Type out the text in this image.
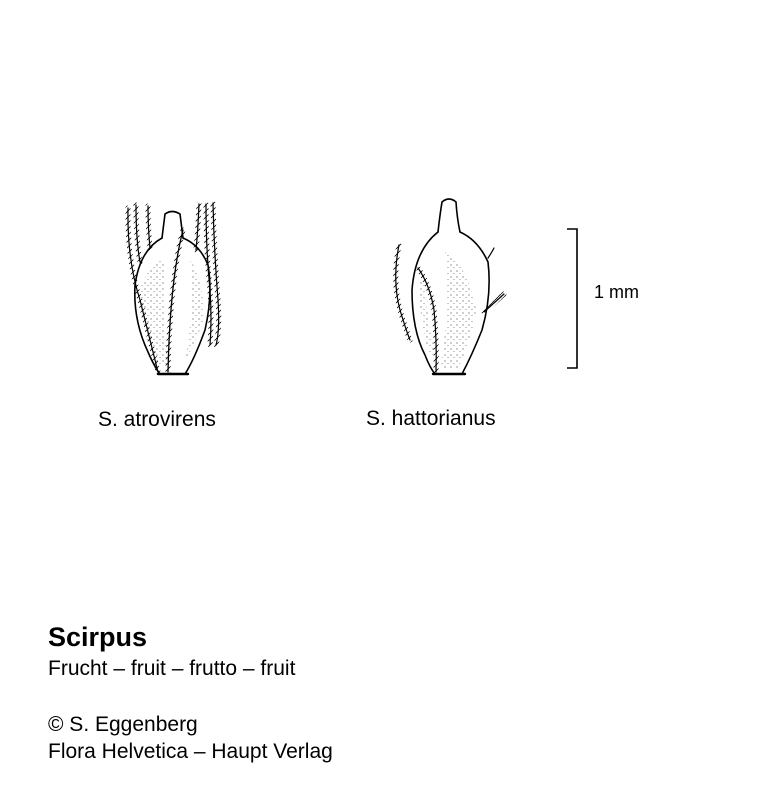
S. atrovirens	S. hattorianus
1 mm
Scirpus
Frucht – fruit – frutto – fruit
© S. Eggenberg
Flora Helvetica – Haupt Verlag
